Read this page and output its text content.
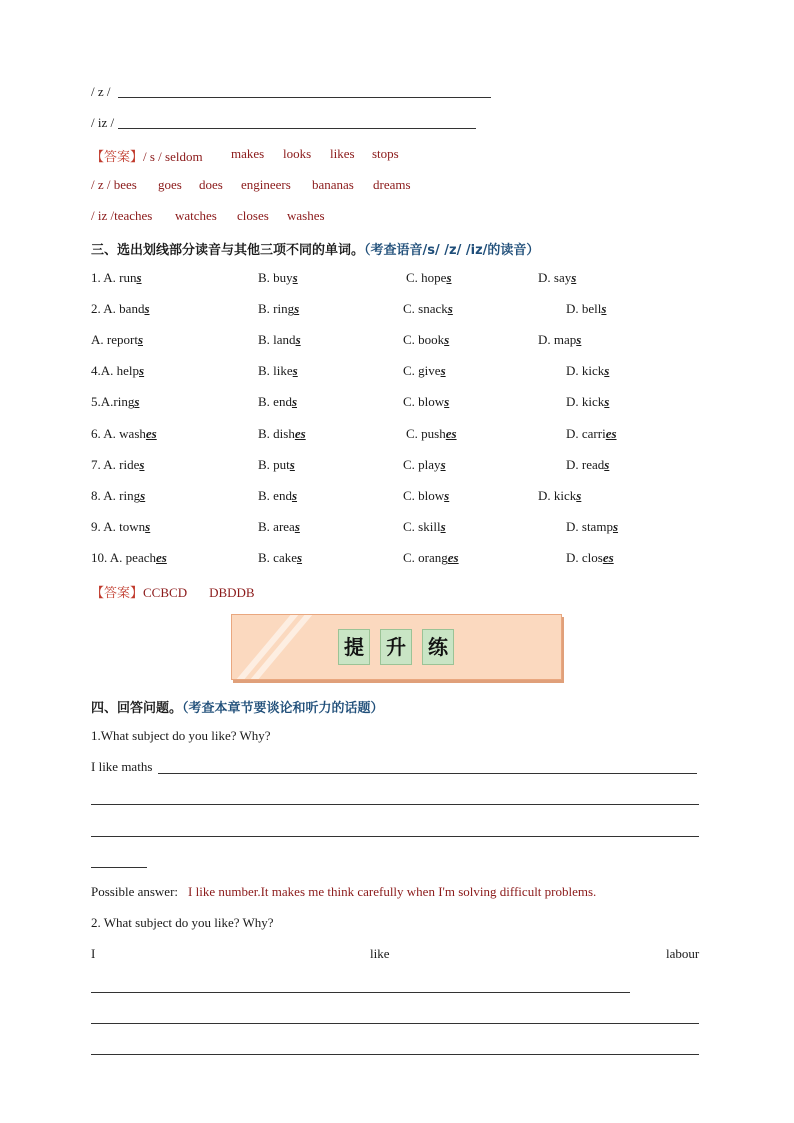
/ z /
/ iz /
【答案】/ s / seldom makes looks likes stops
/ z / bees goes does engineers bananas dreams
/ iz /teaches watches closes washes
三、选出划线部分读音与其他三项不同的单词。（考查语音/s/ /z/ /iz/的读音）
1. A. runs	B. buys	C. hopes	D. says
2. A. bands	B. rings	C. snacks	D. bells
A. reports	B. lands	C. books	D. maps
4.A. helps	B. likes	C. gives	D. kicks
5.A.rings	B. ends	C. blows	D. kicks
6. A. washes	B. dishes	C. pushes	D. carries
7. A. rides	B. puts	C. plays	D. reads
8. A. rings	B. ends	C. blows	D. kicks
9. A. towns	B. areas	C. skills	D. stamps
10. A. peaches	B. cakes	C. oranges	D. closes
【答案】CCBCD DBDDB
提	升	练
四、回答问题。（考查本章节要谈论和听力的话题）
1.What subject do you like? Why?
I like maths
Possible answer: I like number.It makes me think carefully when I'm solving difficult problems.
2. What subject do you like? Why?
I	like	labour
